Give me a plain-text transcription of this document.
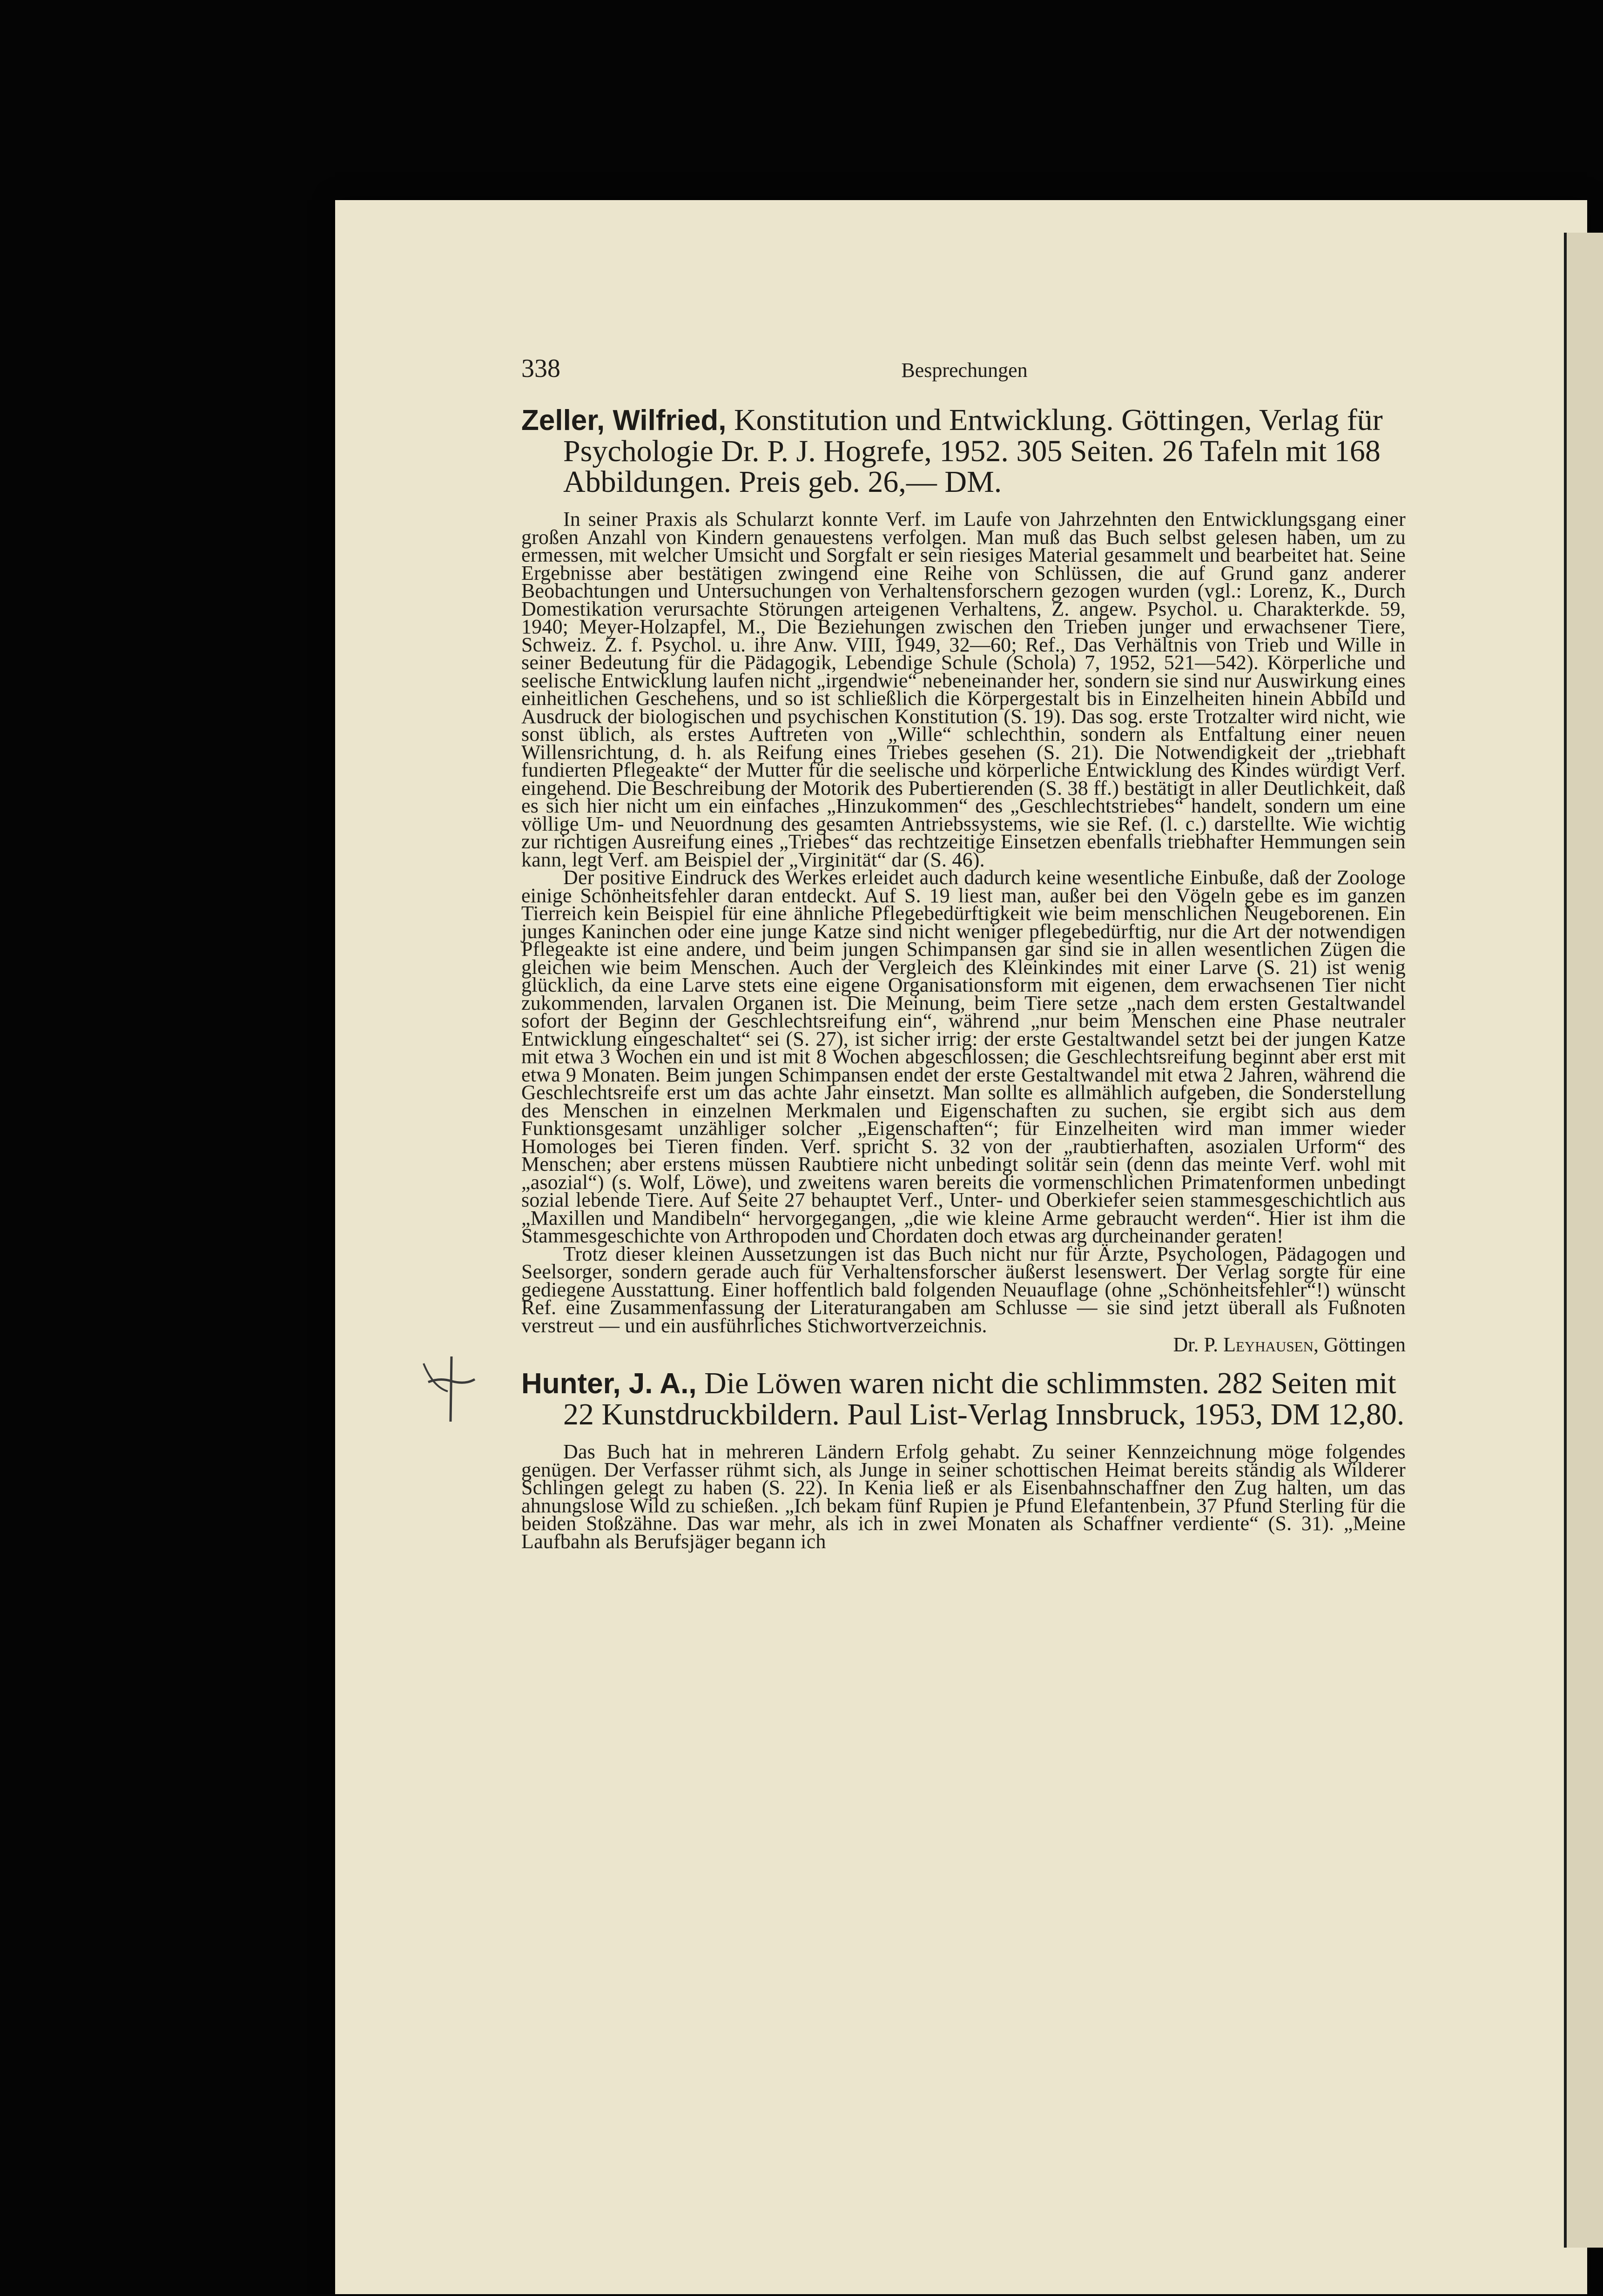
338	Besprechungen

Zeller, Wilfried, Konstitution und Entwicklung. Göttingen, Verlag für Psychologie Dr. P. J. Hogrefe, 1952. 305 Seiten. 26 Tafeln mit 168 Abbildungen. Preis geb. 26,— DM.

In seiner Praxis als Schularzt konnte Verf. im Laufe von Jahrzehnten den Entwicklungsgang einer großen Anzahl von Kindern genauestens verfolgen. Man muß das Buch selbst gelesen haben, um zu ermessen, mit welcher Umsicht und Sorgfalt er sein riesiges Material gesammelt und bearbeitet hat. Seine Ergebnisse aber bestätigen zwingend eine Reihe von Schlüssen, die auf Grund ganz anderer Beobachtungen und Untersuchungen von Verhaltensforschern gezogen wurden (vgl.: Lorenz, K., Durch Domestikation verursachte Störungen arteigenen Verhaltens, Z. angew. Psychol. u. Charakterkde. 59, 1940; Meyer-Holzapfel, M., Die Beziehungen zwischen den Trieben junger und erwachsener Tiere, Schweiz. Z. f. Psychol. u. ihre Anw. VIII, 1949, 32—60; Ref., Das Verhältnis von Trieb und Wille in seiner Bedeutung für die Pädagogik, Lebendige Schule (Schola) 7, 1952, 521—542). Körperliche und seelische Entwicklung laufen nicht „irgendwie“ nebeneinander her, sondern sie sind nur Auswirkung eines einheitlichen Geschehens, und so ist schließlich die Körpergestalt bis in Einzelheiten hinein Abbild und Ausdruck der biologischen und psychischen Konstitution (S. 19). Das sog. erste Trotzalter wird nicht, wie sonst üblich, als erstes Auftreten von „Wille“ schlechthin, sondern als Entfaltung einer neuen Willensrichtung, d. h. als Reifung eines Triebes gesehen (S. 21). Die Notwendigkeit der „triebhaft fundierten Pflegeakte“ der Mutter für die seelische und körperliche Entwicklung des Kindes würdigt Verf. eingehend. Die Beschreibung der Motorik des Pubertierenden (S. 38 ff.) bestätigt in aller Deutlichkeit, daß es sich hier nicht um ein einfaches „Hinzukommen“ des „Geschlechtstriebes“ handelt, sondern um eine völlige Um- und Neuordnung des gesamten Antriebssystems, wie sie Ref. (l. c.) darstellte. Wie wichtig zur richtigen Ausreifung eines „Triebes“ das rechtzeitige Einsetzen ebenfalls triebhafter Hemmungen sein kann, legt Verf. am Beispiel der „Virginität“ dar (S. 46).

Der positive Eindruck des Werkes erleidet auch dadurch keine wesentliche Einbuße, daß der Zoologe einige Schönheitsfehler daran entdeckt. Auf S. 19 liest man, außer bei den Vögeln gebe es im ganzen Tierreich kein Beispiel für eine ähnliche Pflegebedürftigkeit wie beim menschlichen Neugeborenen. Ein junges Kaninchen oder eine junge Katze sind nicht weniger pflegebedürftig, nur die Art der notwendigen Pflegeakte ist eine andere, und beim jungen Schimpansen gar sind sie in allen wesentlichen Zügen die gleichen wie beim Menschen. Auch der Vergleich des Kleinkindes mit einer Larve (S. 21) ist wenig glücklich, da eine Larve stets eine eigene Organisationsform mit eigenen, dem erwachsenen Tier nicht zukommenden, larvalen Organen ist. Die Meinung, beim Tiere setze „nach dem ersten Gestaltwandel sofort der Beginn der Geschlechtsreifung ein“, während „nur beim Menschen eine Phase neutraler Entwicklung eingeschaltet“ sei (S. 27), ist sicher irrig: der erste Gestaltwandel setzt bei der jungen Katze mit etwa 3 Wochen ein und ist mit 8 Wochen abgeschlossen; die Geschlechtsreifung beginnt aber erst mit etwa 9 Monaten. Beim jungen Schimpansen endet der erste Gestaltwandel mit etwa 2 Jahren, während die Geschlechtsreife erst um das achte Jahr einsetzt. Man sollte es allmählich aufgeben, die Sonderstellung des Menschen in einzelnen Merkmalen und Eigenschaften zu suchen, sie ergibt sich aus dem Funktionsgesamt unzähliger solcher „Eigenschaften“; für Einzelheiten wird man immer wieder Homologes bei Tieren finden. Verf. spricht S. 32 von der „raubtierhaften, asozialen Urform“ des Menschen; aber erstens müssen Raubtiere nicht unbedingt solitär sein (denn das meinte Verf. wohl mit „asozial“) (s. Wolf, Löwe), und zweitens waren bereits die vormenschlichen Primatenformen unbedingt sozial lebende Tiere. Auf Seite 27 behauptet Verf., Unter- und Oberkiefer seien stammesgeschichtlich aus „Maxillen und Mandibeln“ hervorgegangen, „die wie kleine Arme gebraucht werden“. Hier ist ihm die Stammesgeschichte von Arthropoden und Chordaten doch etwas arg durcheinander geraten!

Trotz dieser kleinen Aussetzungen ist das Buch nicht nur für Ärzte, Psychologen, Pädagogen und Seelsorger, sondern gerade auch für Verhaltensforscher äußerst lesenswert. Der Verlag sorgte für eine gediegene Ausstattung. Einer hoffentlich bald folgenden Neuauflage (ohne „Schönheitsfehler“!) wünscht Ref. eine Zusammenfassung der Literaturangaben am Schlusse — sie sind jetzt überall als Fußnoten verstreut — und ein ausführliches Stichwortverzeichnis.

Dr. P. Leyhausen, Göttingen

Hunter, J. A., Die Löwen waren nicht die schlimmsten. 282 Seiten mit 22 Kunstdruckbildern. Paul List-Verlag Innsbruck, 1953, DM 12,80.

Das Buch hat in mehreren Ländern Erfolg gehabt. Zu seiner Kennzeichnung möge folgendes genügen. Der Verfasser rühmt sich, als Junge in seiner schottischen Heimat bereits ständig als Wilderer Schlingen gelegt zu haben (S. 22). In Kenia ließ er als Eisenbahnschaffner den Zug halten, um das ahnungslose Wild zu schießen. „Ich bekam fünf Rupien je Pfund Elefantenbein, 37 Pfund Sterling für die beiden Stoßzähne. Das war mehr, als ich in zwei Monaten als Schaffner verdiente“ (S. 31). „Meine Laufbahn als Berufsjäger begann ich
